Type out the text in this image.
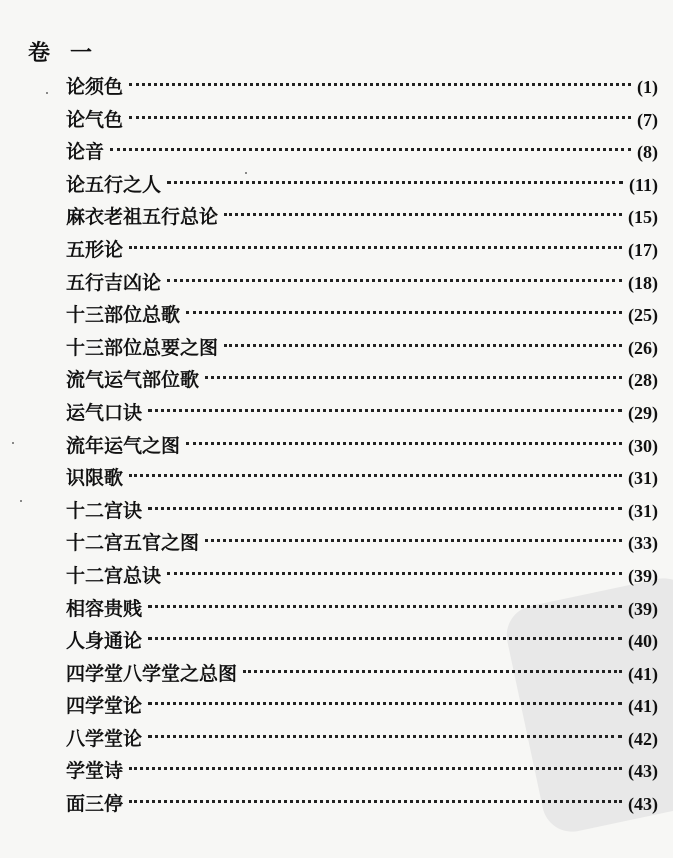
卷 一
论须色	(1)
论气色	(7)
论音	(8)
论五行之人	(11)
麻衣老祖五行总论	(15)
五形论	(17)
五行吉凶论	(18)
十三部位总歌	(25)
十三部位总要之图	(26)
流气运气部位歌	(28)
运气口诀	(29)
流年运气之图	(30)
识限歌	(31)
十二宫诀	(31)
十二宫五官之图	(33)
十二宫总诀	(39)
相容贵贱	(39)
人身通论	(40)
四学堂八学堂之总图	(41)
四学堂论	(41)
八学堂论	(42)
学堂诗	(43)
面三停	(43)
